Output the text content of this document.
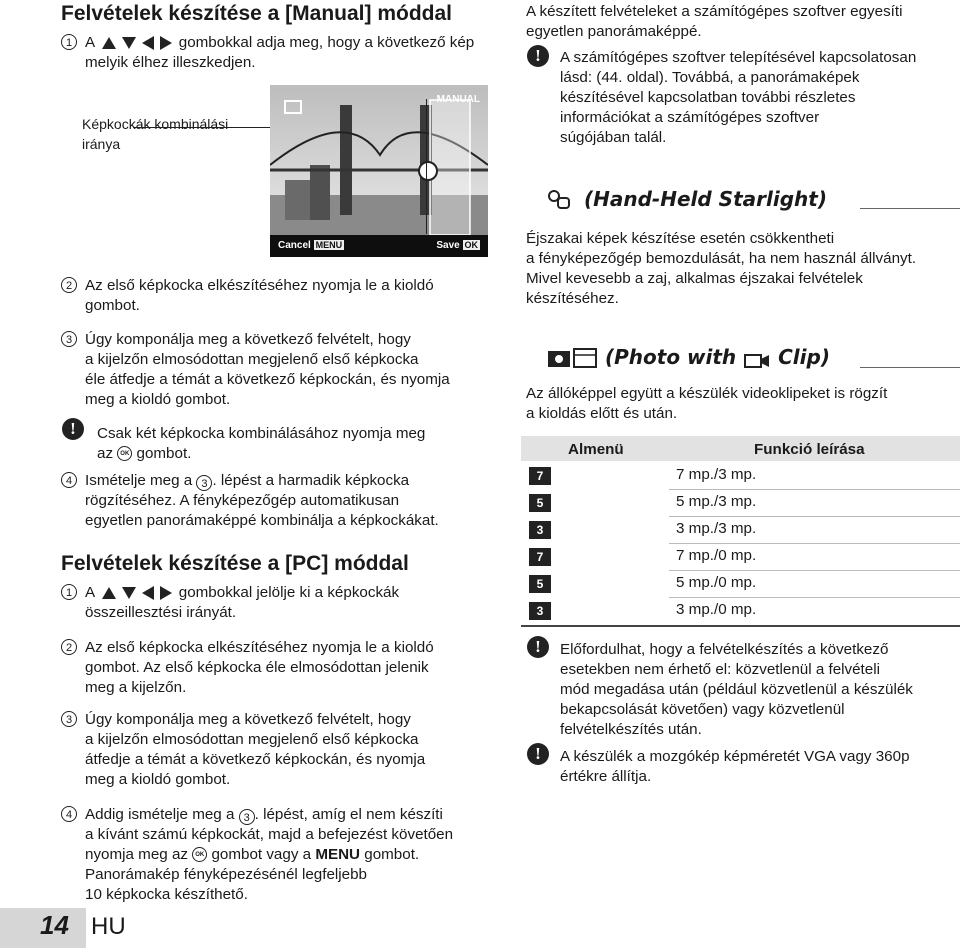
Felvételek készítése a [Manual] móddal
1 A	gombokkal adja meg, hogy a következő kép
melyik élhez illeszkedjen.
Képkockák kombinálási
iránya
MANUAL
Cancel MENU	Save OK
2 Az első képkocka elkészítéséhez nyomja le a kioldó
gombot.
3 Úgy komponálja meg a következő felvételt, hogy
a kijelzőn elmosódottan megjelenő első képkocka
éle átfedje a témát a következő képkockán, és nyomja
meg a kioldó gombot.
!	Csak két képkocka kombinálásához nyomja meg
az OK gombot.
4 Ismételje meg a 3 . lépést a harmadik képkocka
rögzítéséhez. A fényképezőgép automatikusan
egyetlen panorámaképpé kombinálja a képkockákat.
Felvételek készítése a [PC] móddal
1 A	gombokkal jelölje ki a képkockák
összeillesztési irányát.
2 Az első képkocka elkészítéséhez nyomja le a kioldó
gombot. Az első képkocka éle elmosódottan jelenik
meg a kijelzőn.
3 Úgy komponálja meg a következő felvételt, hogy
a kijelzőn elmosódottan megjelenő első képkocka
átfedje a témát a következő képkockán, és nyomja
meg a kioldó gombot.
4 Addig ismételje meg a 3 . lépést, amíg el nem készíti
a kívánt számú képkockát, majd a befejezést követően
nyomja meg az OK gombot vagy a MENU gombot.
Panorámakép fényképezésénél legfeljebb
10 képkocka készíthető.
14 HU
A készített felvételeket a számítógépes szoftver egyesíti
egyetlen panorámaképpé.
!	A számítógépes szoftver telepítésével kapcsolatosan
lásd: (44. oldal). Továbbá, a panorámaképek
készítésével kapcsolatban további részletes
információkat a számítógépes szoftver
súgójában talál.
(Hand-Held Starlight)
Éjszakai képek készítése esetén csökkentheti
a fényképezőgép bemozdulását, ha nem használ állványt.
Mivel kevesebb a zaj, alkalmas éjszakai felvételek
készítéséhez.
(Photo with Clip)
Az állóképpel együtt a készülék videoklipeket is rögzít
a kioldás előtt és után.
Almenü	Funkció leírása
7	7 mp./3 mp.
5	5 mp./3 mp.
3	3 mp./3 mp.
7	7 mp./0 mp.
5	5 mp./0 mp.
3	3 mp./0 mp.
!	Előfordulhat, hogy a felvételkészítés a következő
esetekben nem érhető el: közvetlenül a felvételi
mód megadása után (például közvetlenül a készülék
bekapcsolását követően) vagy közvetlenül
felvételkészítés után.
!	A készülék a mozgókép képméretét VGA vagy 360p
értékre állítja.
